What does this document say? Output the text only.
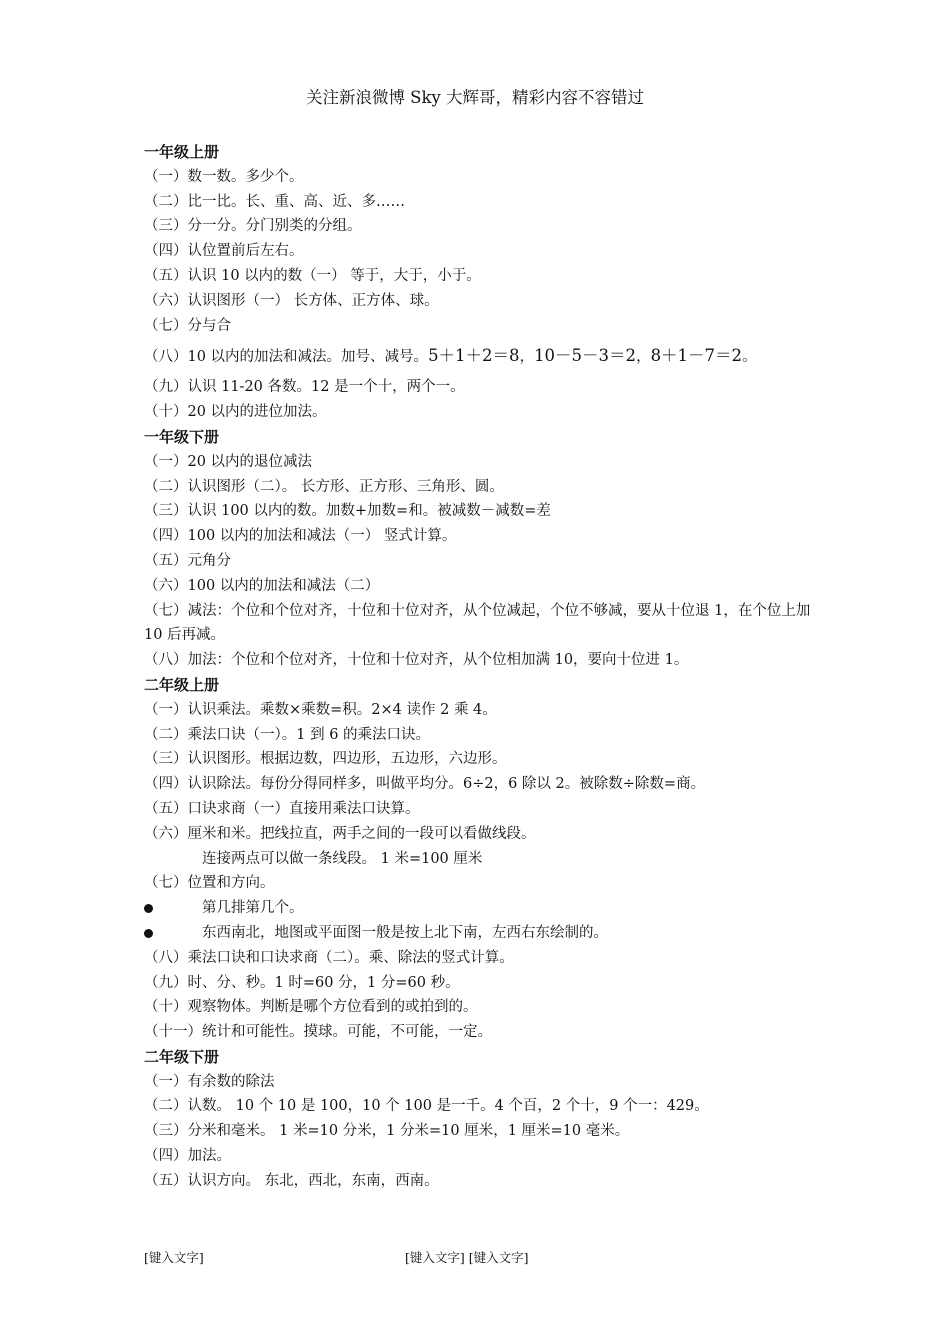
关注新浪微博 Sky 大辉哥，精彩内容不容错过

一年级上册

（一）数一数。多少个。

（二）比一比。长、重、高、近、多……

（三）分一分。分门别类的分组。

（四）认位置前后左右。

（五）认识 10 以内的数（一） 等于，大于，小于。

（六）认识图形（一） 长方体、正方体、球。

（七）分与合

（八）10 以内的加法和减法。加号、减号。5＋1＋2＝8，10－5－3＝2，8＋1－7＝2。

（九）认识 11-20 各数。12 是一个十，两个一。

（十）20 以内的进位加法。

一年级下册

（一）20 以内的退位减法

（二）认识图形（二）。 长方形、正方形、三角形、圆。

（三）认识 100 以内的数。加数+加数=和。被减数－减数=差

（四）100 以内的加法和减法（一） 竖式计算。

（五）元角分

（六）100 以内的加法和减法（二）

（七）减法：个位和个位对齐，十位和十位对齐，从个位减起，个位不够减，要从十位退 1，在个位上加 10 后再减。

（八）加法：个位和个位对齐，十位和十位对齐，从个位相加满 10，要向十位进 1。

二年级上册

（一）认识乘法。乘数×乘数=积。2×4 读作 2 乘 4。

（二）乘法口诀（一）。1 到 6 的乘法口诀。

（三）认识图形。根据边数，四边形，五边形，六边形。

（四）认识除法。每份分得同样多，叫做平均分。6÷2，6 除以 2。被除数÷除数=商。

（五）口诀求商（一）直接用乘法口诀算。

（六）厘米和米。把线拉直，两手之间的一段可以看做线段。

连接两点可以做一条线段。 1 米=100 厘米

（七）位置和方向。

第几排第几个。

东西南北，地图或平面图一般是按上北下南，左西右东绘制的。

（八）乘法口诀和口诀求商（二）。乘、除法的竖式计算。

（九）时、分、秒。1 时=60 分，1 分=60 秒。

（十）观察物体。判断是哪个方位看到的或拍到的。

（十一）统计和可能性。摸球。可能，不可能，一定。

二年级下册

（一）有余数的除法

（二）认数。 10 个 10 是 100，10 个 100 是一千。4 个百，2 个十，9 个一：429。

（三）分米和毫米。 1 米=10 分米，1 分米=10 厘米，1 厘米=10 毫米。

（四）加法。

（五）认识方向。 东北，西北，东南，西南。

[键入文字]	[键入文字] [键入文字]
